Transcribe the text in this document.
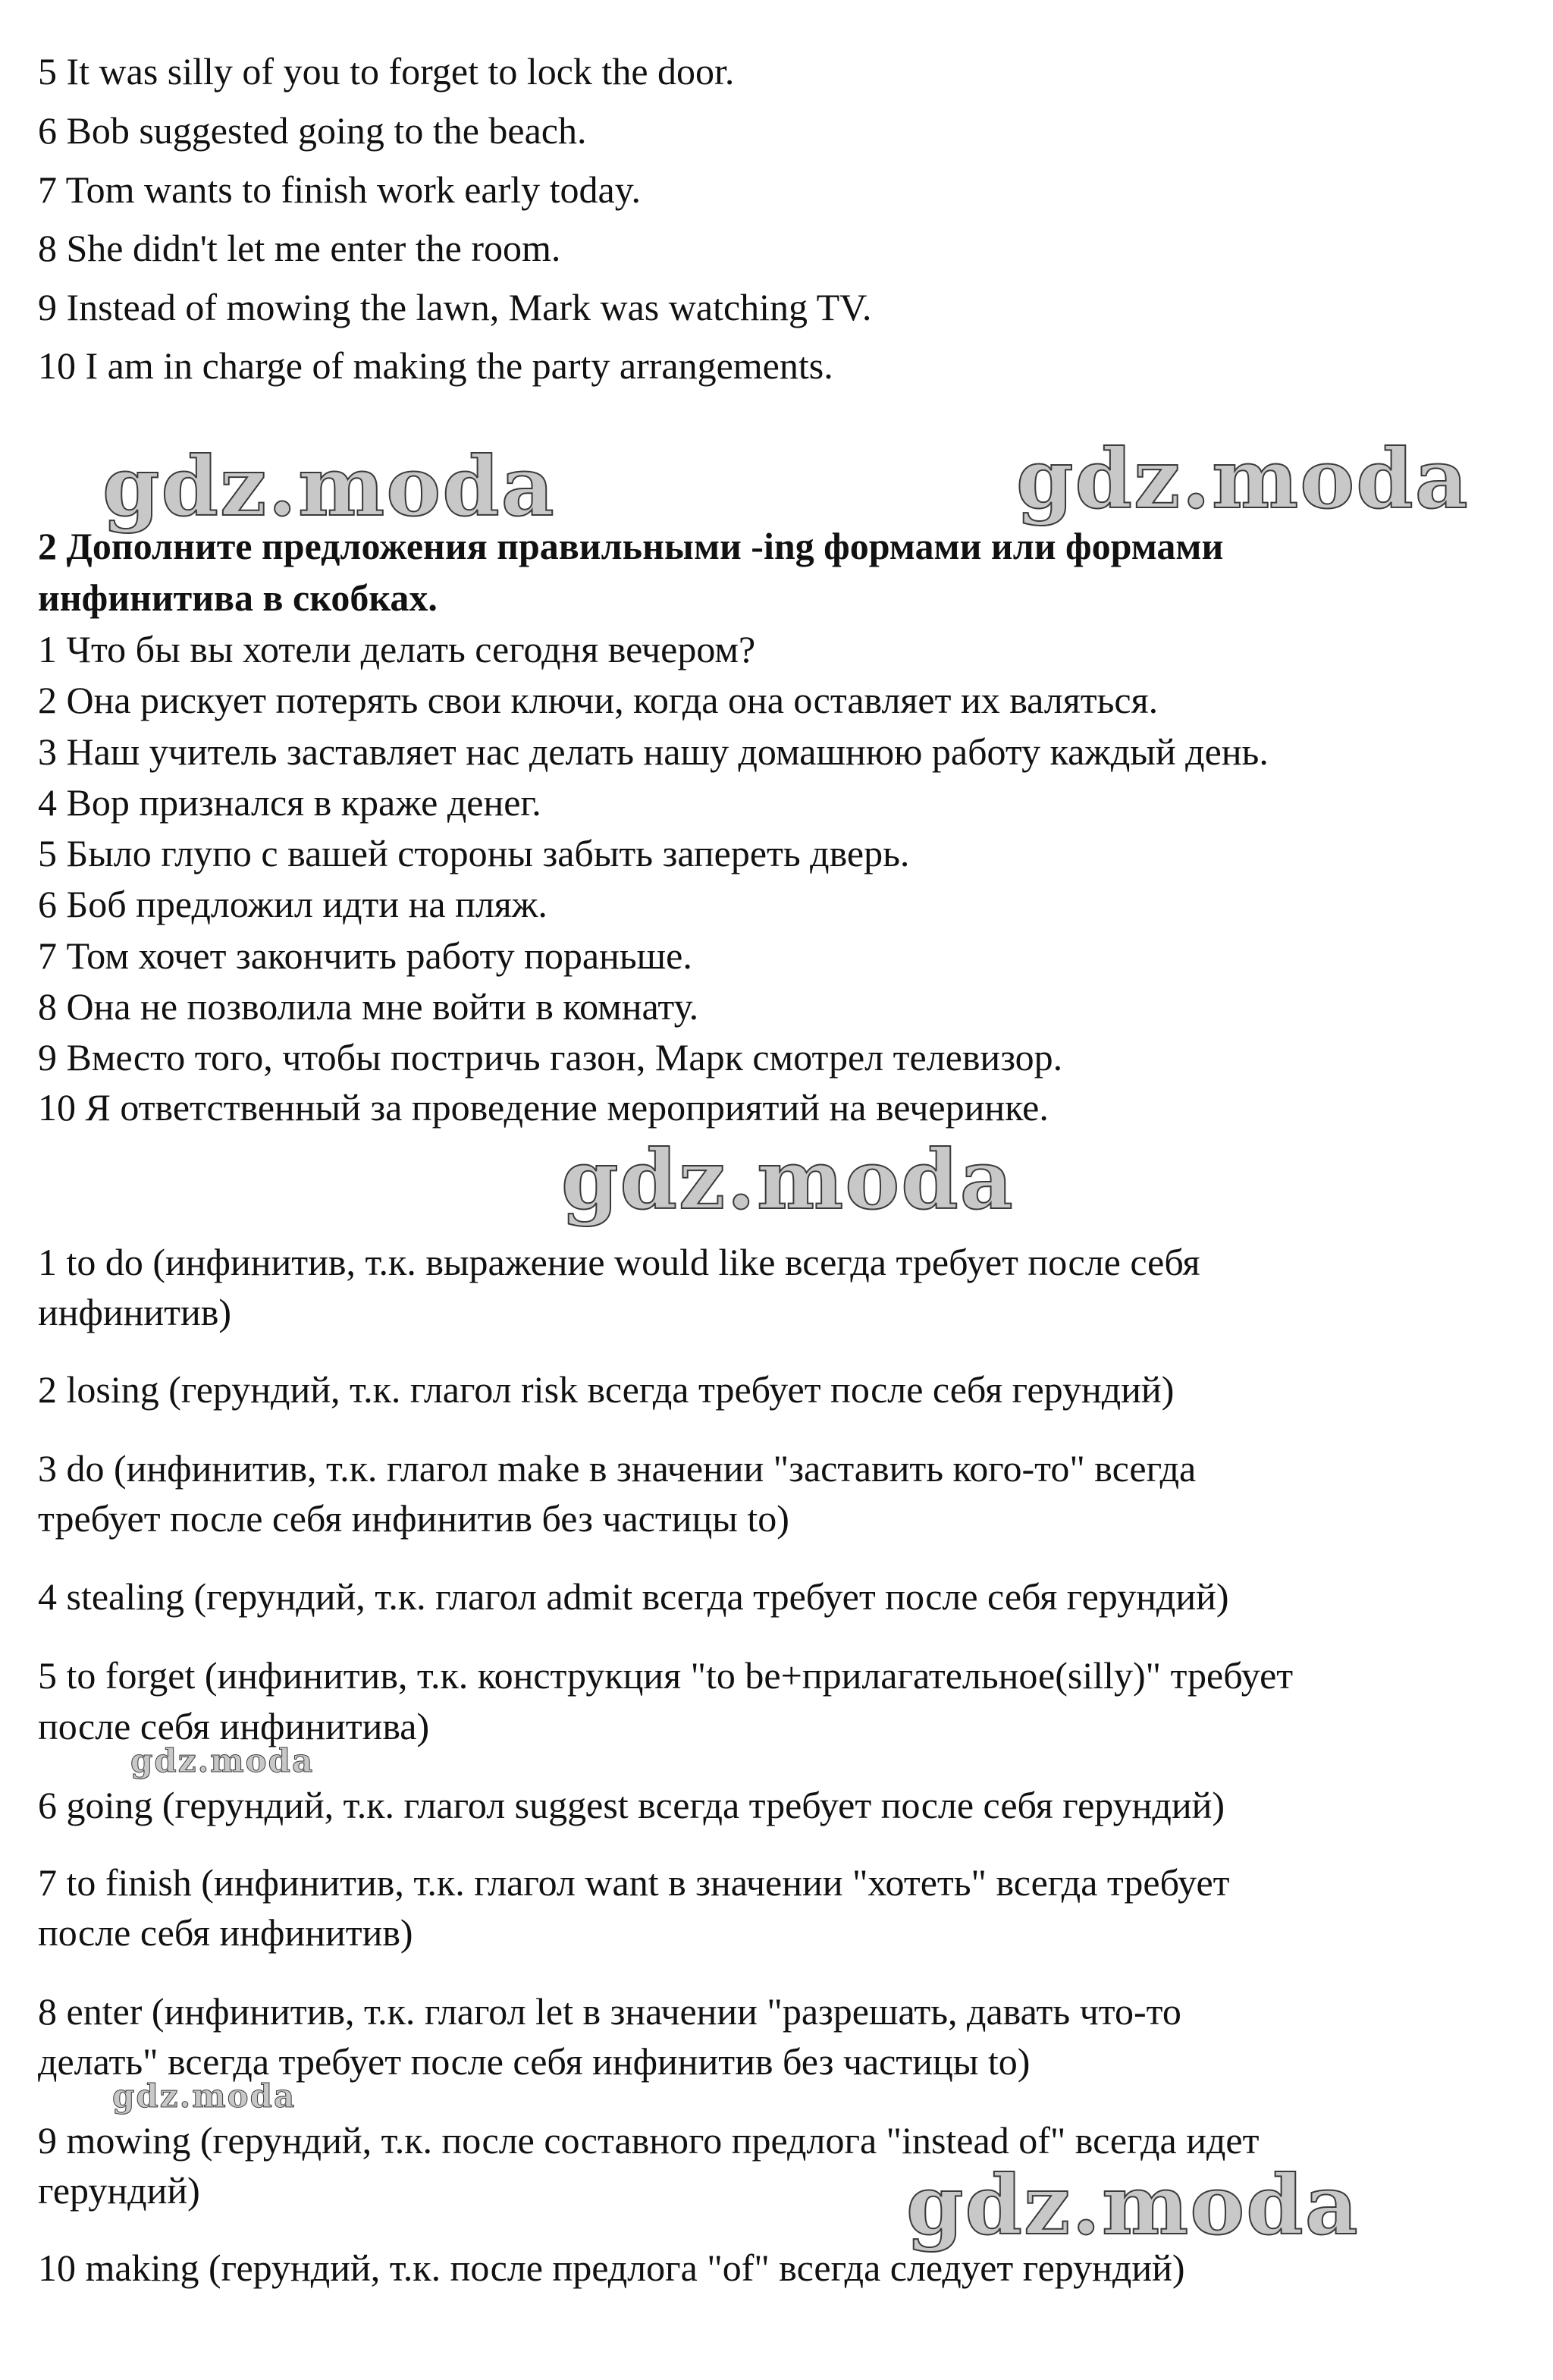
5 It was silly of you to forget to lock the door.
6 Bob suggested going to the beach.
7 Tom wants to finish work early today.
8 She didn't let me enter the room.
9 Instead of mowing the lawn, Mark was watching TV.
10 I am in charge of making the party arrangements.
gdz.moda	gdz.moda
2 Дополните предложения правильными -ing формами или формами
инфинитива в скобках.
1 Что бы вы хотели делать сегодня вечером?
2 Она рискует потерять свои ключи, когда она оставляет их валяться.
3 Наш учитель заставляет нас делать нашу домашнюю работу каждый день.
4 Вор признался в краже денег.
5 Было глупо с вашей стороны забыть запереть дверь.
6 Боб предложил идти на пляж.
7 Том хочет закончить работу пораньше.
8 Она не позволила мне войти в комнату.
9 Вместо того, чтобы постричь газон, Марк смотрел телевизор.
10 Я ответственный за проведение мероприятий на вечеринке.
gdz.moda
1 to do (инфинитив, т.к. выражение would like всегда требует после себя
инфинитив)
2 losing (герундий, т.к. глагол risk всегда требует после себя герундий)
3 do (инфинитив, т.к. глагол make в значении "заставить кого-то" всегда
требует после себя инфинитив без частицы to)
4 stealing (герундий, т.к. глагол admit всегда требует после себя герундий)
5 to forget (инфинитив, т.к. конструкция "to be+прилагательное(silly)" требует
после себя инфинитива)
gdz.moda
6 going (герундий, т.к. глагол suggest всегда требует после себя герундий)
7 to finish (инфинитив, т.к. глагол want в значении "хотеть" всегда требует
после себя инфинитив)
8 enter (инфинитив, т.к. глагол let в значении "разрешать, давать что-то
делать" всегда требует после себя инфинитив без частицы to)
gdz.moda
9 mowing (герундий, т.к. после составного предлога "instead of" всегда идет
герундий)	gdz.moda
10 making (герундий, т.к. после предлога "of" всегда следует герундий)
